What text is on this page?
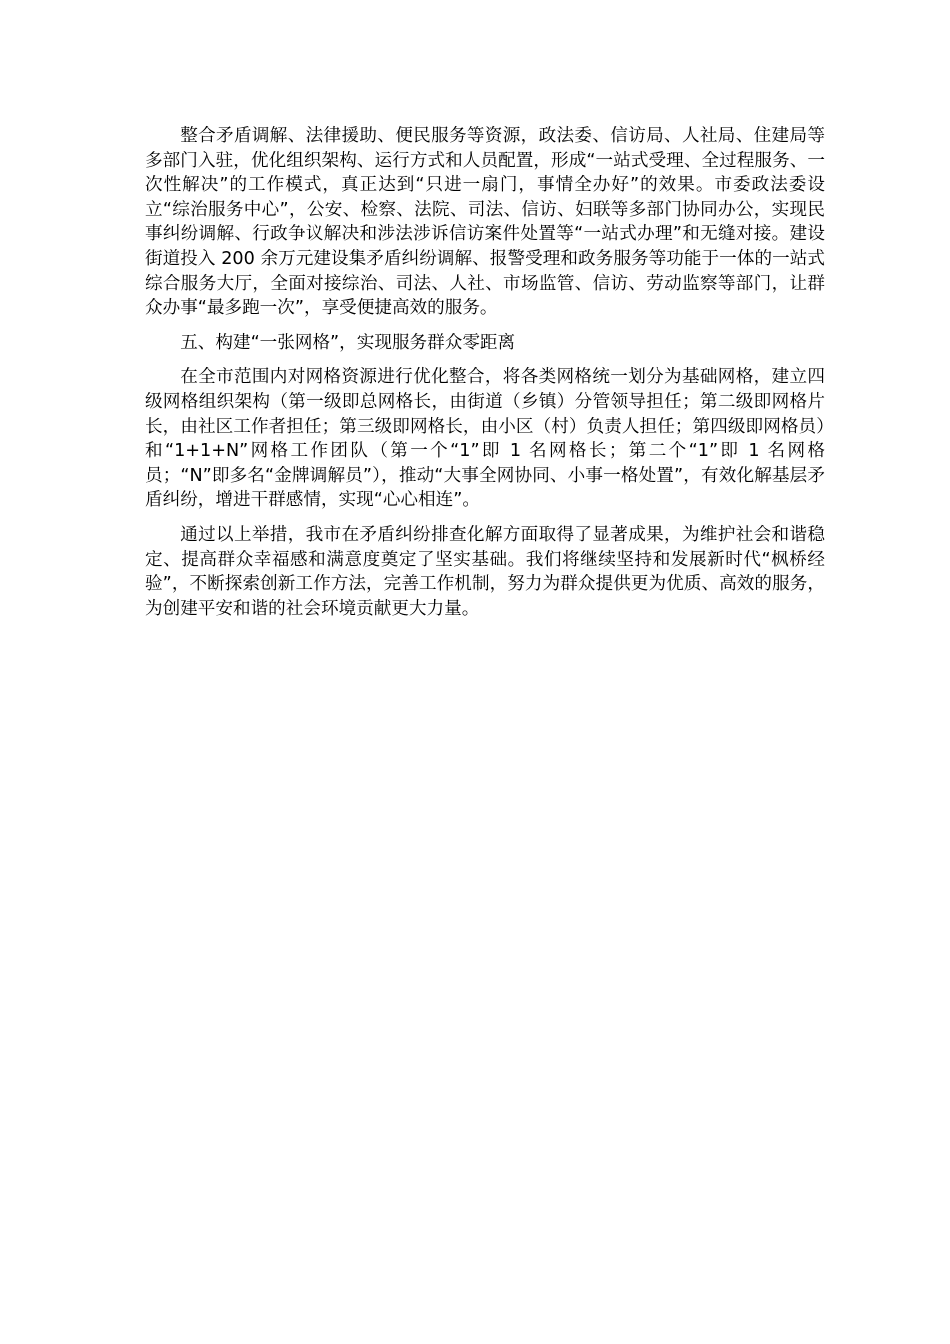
整合矛盾调解、法律援助、便民服务等资源，政法委、信访局、人社局、住建局等多部门入驻，优化组织架构、运行方式和人员配置，形成“一站式受理、全过程服务、一次性解决”的工作模式，真正达到“只进一扇门，事情全办好”的效果。市委政法委设立“综治服务中心”，公安、检察、法院、司法、信访、妇联等多部门协同办公，实现民事纠纷调解、行政争议解决和涉法涉诉信访案件处置等“一站式办理”和无缝对接。建设街道投入 200 余万元建设集矛盾纠纷调解、报警受理和政务服务等功能于一体的一站式综合服务大厅，全面对接综治、司法、人社、市场监管、信访、劳动监察等部门，让群众办事“最多跑一次”，享受便捷高效的服务。

五、构建“一张网格”，实现服务群众零距离

在全市范围内对网格资源进行优化整合，将各类网格统一划分为基础网格，建立四级网格组织架构（第一级即总网格长，由街道（乡镇）分管领导担任；第二级即网格片长，由社区工作者担任；第三级即网格长，由小区（村）负责人担任；第四级即网格员）和“1+1+N”网格工作团队（第一个“1”即 1 名网格长；第二个“1”即 1 名网格员；“N”即多名“金牌调解员”），推动“大事全网协同、小事一格处置”，有效化解基层矛盾纠纷，增进干群感情，实现“心心相连”。

通过以上举措，我市在矛盾纠纷排查化解方面取得了显著成果，为维护社会和谐稳定、提高群众幸福感和满意度奠定了坚实基础。我们将继续坚持和发展新时代“枫桥经验”，不断探索创新工作方法，完善工作机制，努力为群众提供更为优质、高效的服务，为创建平安和谐的社会环境贡献更大力量。
